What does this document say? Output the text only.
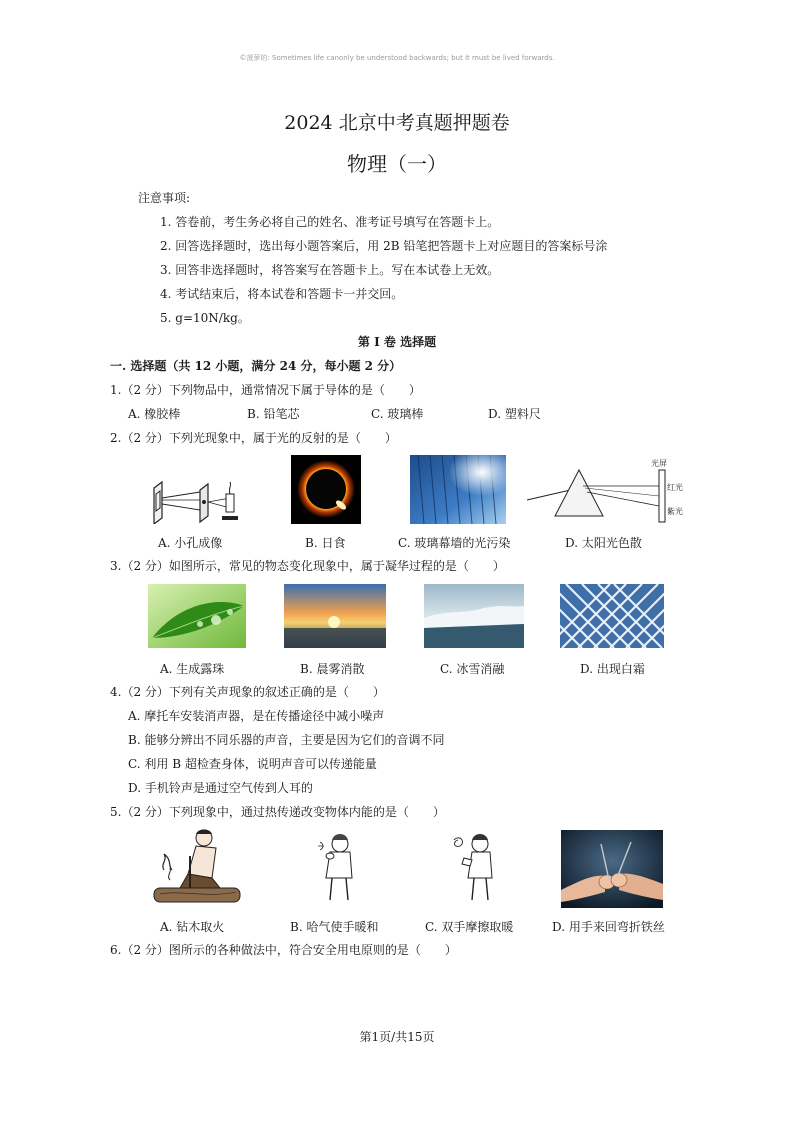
©菠萝的: Sometimes life canonly be understood backwards; but it must be lived forwards.
2024 北京中考真题押题卷
物理（一）
注意事项:
1. 答卷前，考生务必将自己的姓名、准考证号填写在答题卡上。
2. 回答选择题时，选出每小题答案后，用 2B 铅笔把答题卡上对应题目的答案标号涂
3. 回答非选择题时，将答案写在答题卡上。写在本试卷上无效。
4. 考试结束后，将本试卷和答题卡一并交回。
5. g=10N/kg。
第 I 卷 选择题
一. 选择题（共 12 小题，满分 24 分，每小题 2 分）
1.（2 分）下列物品中，通常情况下属于导体的是（　　）
A. 橡胶棒	B. 铅笔芯	C. 玻璃棒	D. 塑料尺
2.（2 分）下列光现象中，属于光的反射的是（　　）
光屏
红光
紫光
A. 小孔成像	B. 日食	C. 玻璃幕墙的光污染	D. 太阳光色散
3.（2 分）如图所示，常见的物态变化现象中，属于凝华过程的是（　　）
A. 生成露珠	B. 晨雾消散	C. 冰雪消融	D. 出现白霜
4.（2 分）下列有关声现象的叙述正确的是（　　）
A. 摩托车安装消声器，是在传播途径中减小噪声
B. 能够分辨出不同乐器的声音，主要是因为它们的音调不同
C. 利用 B 超检查身体，说明声音可以传递能量
D. 手机铃声是通过空气传到人耳的
5.（2 分）下列现象中，通过热传递改变物体内能的是（　　）
A. 钻木取火	B. 哈气使手暖和	C. 双手摩擦取暖	D. 用手来回弯折铁丝
6.（2 分）图所示的各种做法中，符合安全用电原则的是（　　）
第1页/共15页
